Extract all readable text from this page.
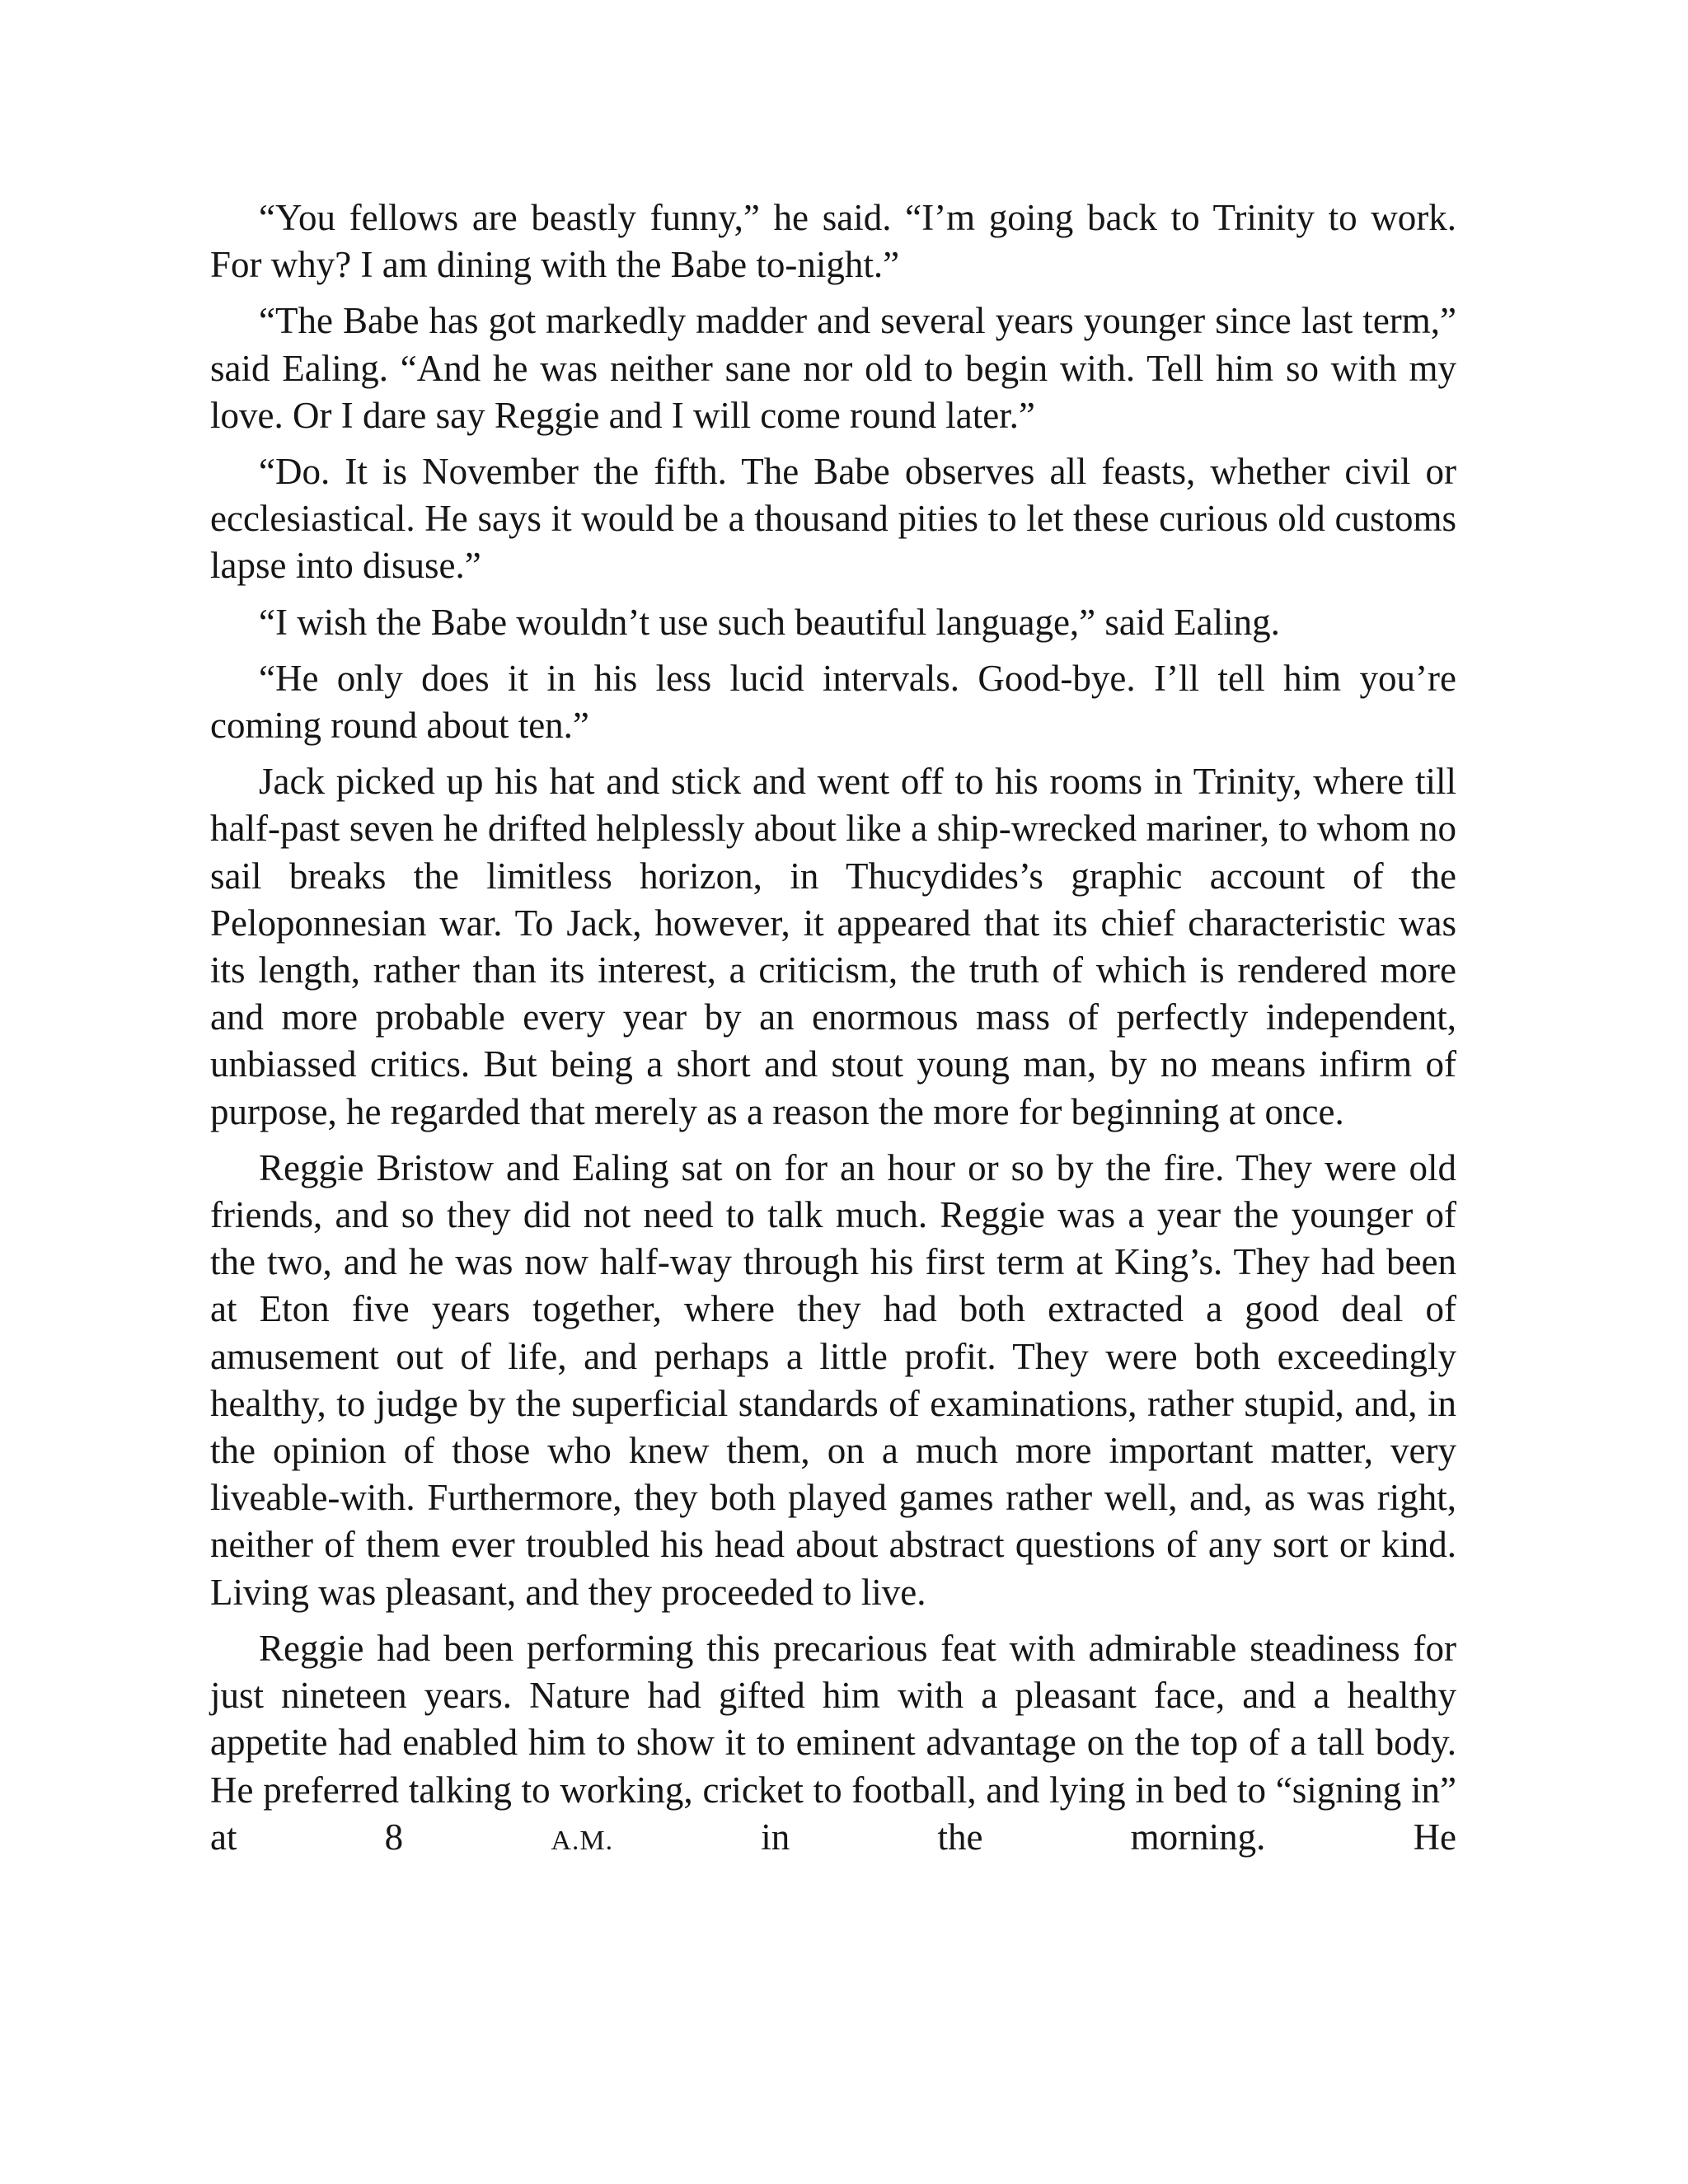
“You fellows are beastly funny,” he said. “I’m going back to Trinity to work. For why? I am dining with the Babe to-night.”

“The Babe has got markedly madder and several years younger since last term,” said Ealing. “And he was neither sane nor old to begin with. Tell him so with my love. Or I dare say Reggie and I will come round later.”

“Do. It is November the fifth. The Babe observes all feasts, whether civil or ecclesiastical. He says it would be a thousand pities to let these curious old customs lapse into disuse.”

“I wish the Babe wouldn’t use such beautiful language,” said Ealing.

“He only does it in his less lucid intervals. Good-bye. I’ll tell him you’re coming round about ten.”

Jack picked up his hat and stick and went off to his rooms in Trinity, where till half-past seven he drifted helplessly about like a ship-wrecked mariner, to whom no sail breaks the limitless horizon, in Thucydides’s graphic account of the Peloponnesian war. To Jack, however, it appeared that its chief characteristic was its length, rather than its interest, a criticism, the truth of which is rendered more and more probable every year by an enormous mass of perfectly independent, unbiassed critics. But being a short and stout young man, by no means infirm of purpose, he regarded that merely as a reason the more for beginning at once.

Reggie Bristow and Ealing sat on for an hour or so by the fire. They were old friends, and so they did not need to talk much. Reggie was a year the younger of the two, and he was now half-way through his first term at King’s. They had been at Eton five years together, where they had both extracted a good deal of amusement out of life, and perhaps a little profit. They were both exceedingly healthy, to judge by the superficial standards of examinations, rather stupid, and, in the opinion of those who knew them, on a much more important matter, very liveable-with. Furthermore, they both played games rather well, and, as was right, neither of them ever troubled his head about abstract questions of any sort or kind. Living was pleasant, and they proceeded to live.

Reggie had been performing this precarious feat with admirable steadiness for just nineteen years. Nature had gifted him with a pleasant face, and a healthy appetite had enabled him to show it to eminent advantage on the top of a tall body. He preferred talking to working, cricket to football, and lying in bed to “signing in” at 8 A.M. in the morning. He
